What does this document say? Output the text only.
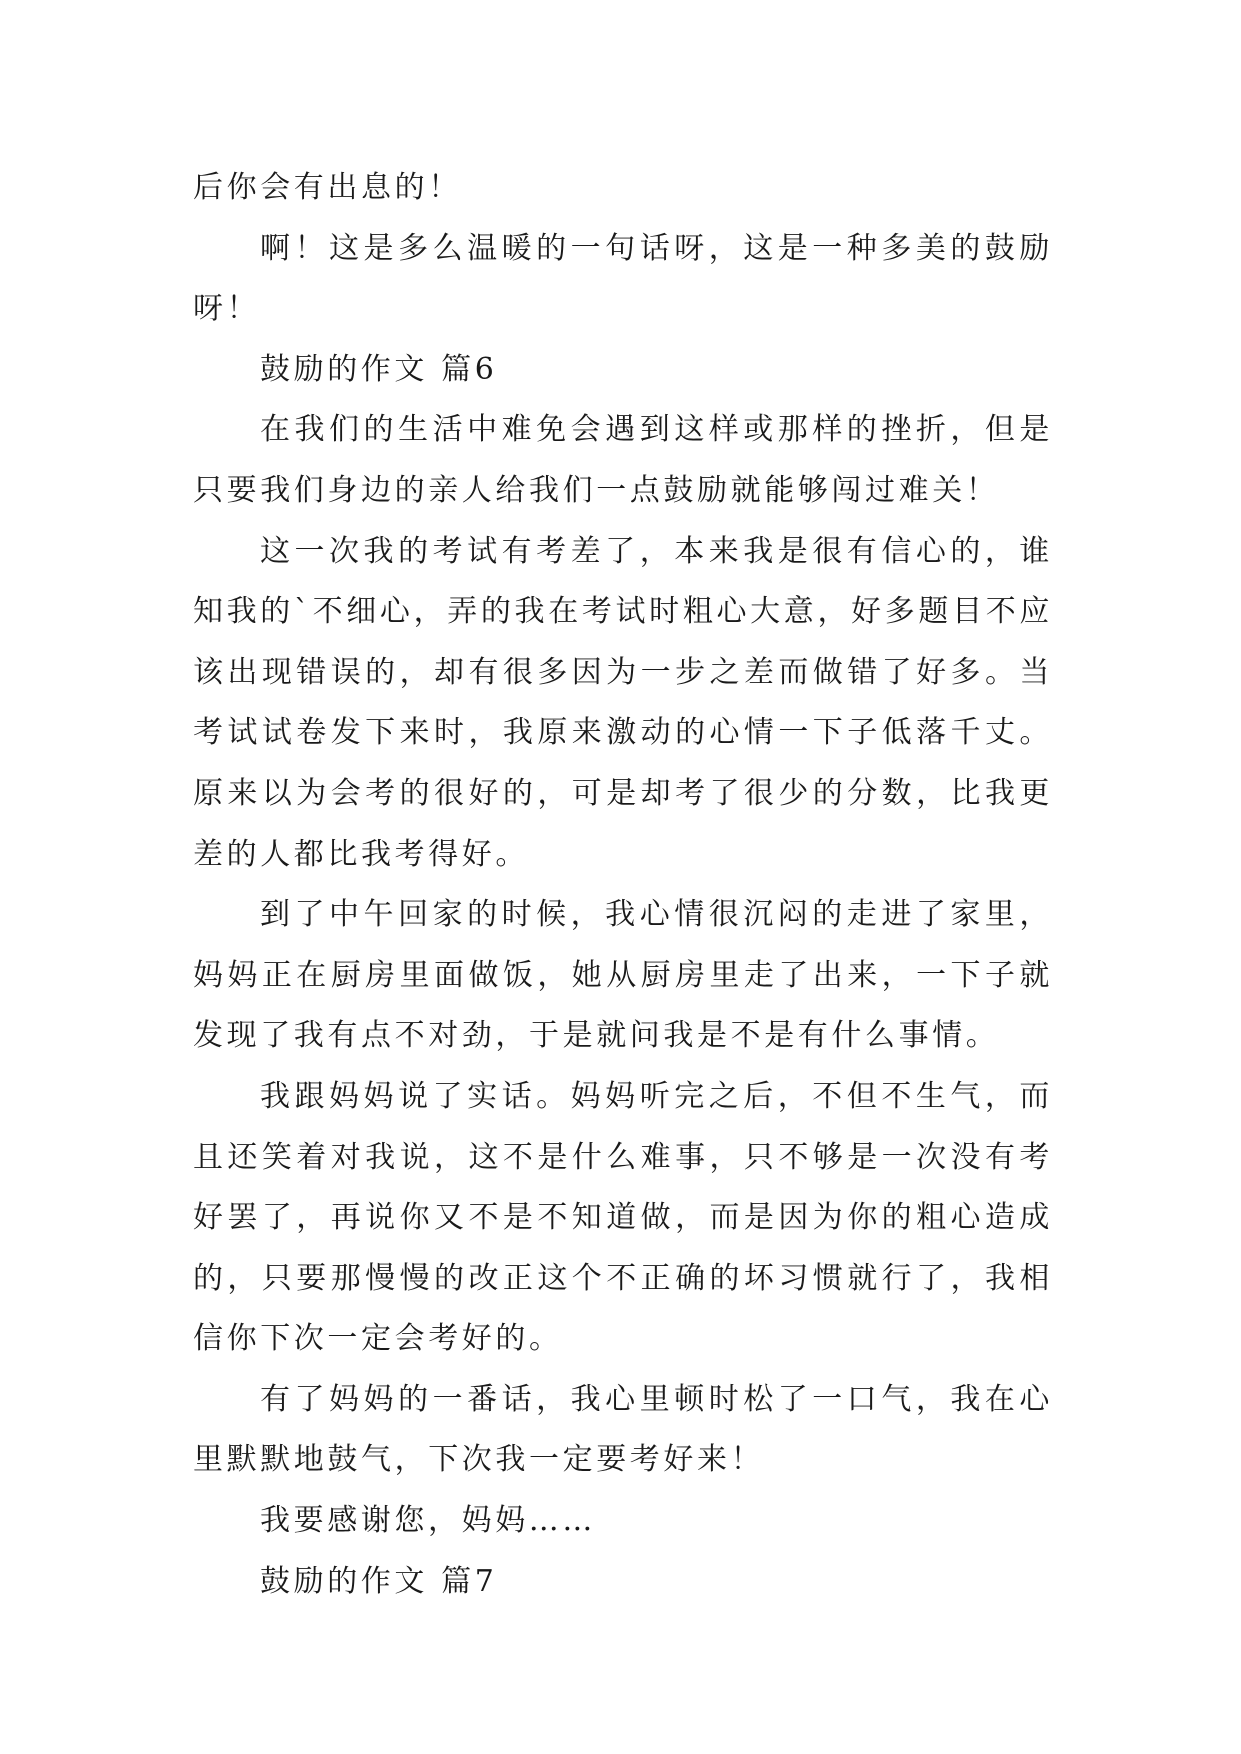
后你会有出息的！

啊！这是多么温暖的一句话呀，这是一种多美的鼓励呀！

鼓励的作文 篇6

在我们的生活中难免会遇到这样或那样的挫折，但是只要我们身边的亲人给我们一点鼓励就能够闯过难关！

这一次我的考试有考差了，本来我是很有信心的，谁知我的`不细心，弄的我在考试时粗心大意，好多题目不应该出现错误的，却有很多因为一步之差而做错了好多。当考试试卷发下来时，我原来激动的心情一下子低落千丈。原来以为会考的很好的，可是却考了很少的分数，比我更差的人都比我考得好。

到了中午回家的时候，我心情很沉闷的走进了家里，妈妈正在厨房里面做饭，她从厨房里走了出来，一下子就发现了我有点不对劲，于是就问我是不是有什么事情。

我跟妈妈说了实话。妈妈听完之后，不但不生气，而且还笑着对我说，这不是什么难事，只不够是一次没有考好罢了，再说你又不是不知道做，而是因为你的粗心造成的，只要那慢慢的改正这个不正确的坏习惯就行了，我相信你下次一定会考好的。

有了妈妈的一番话，我心里顿时松了一口气，我在心里默默地鼓气，下次我一定要考好来！

我要感谢您，妈妈……

鼓励的作文 篇7
